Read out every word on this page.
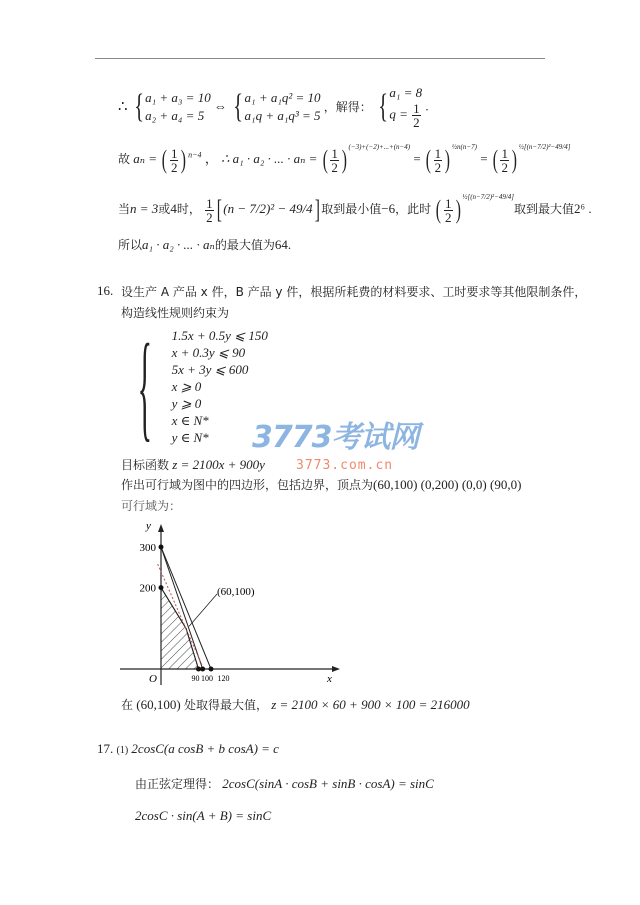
∴ { a₁ + a₃ = 10
a₂ + a₄ = 5
⇔ { a₁ + a₁q² = 10
a₁q + a₁q³ = 5
，解得： { a₁ = 8
$q = \frac{1}{2}$ .
故 aₙ = ( $\frac{1}{2}$ ) $^{n-4}$ ， ∴ a₁ · a₂ · ... · aₙ = ( $\frac{1}{2}$ ) $^{(-3)+(-2)+...+(n-4)}$ = ( $\frac{1}{2}$ ) $^{\frac{1}{2}n(n-7)}$ = ( $\frac{1}{2}$ ) $^{\frac{1}{2}[(n-7/2)^2-49/4]}$
当n = 3或4时， $\frac{1}{2}$ [ (n − 7/2)² − 49/4] 取到最小值−6，此时 ( $\frac{1}{2}$ ) $^{\frac{1}{2}[(n-7/2)^2-49/4]}$取到最大值2⁶ .
所以a₁ · a₂ · ... · aₙ的最大值为64.
16. 设生产 A 产品 x 件，B 产品 y 件，根据所耗费的材料要求、工时要求等其他限制条件，
构造线性规则约束为
{ 1.5x + 0.5y ⩽ 150
x + 0.3y ⩽ 90
5x + 3y ⩽ 600
x ⩾ 0
y ⩾ 0
x ∈ N*
y ∈ N*	3773考试网
3773.com.cn
目标函数 z = 2100x + 900y
作出可行域为图中的四边形，包括边界，顶点为(60,100) (0,200) (0,0) (90,0)
可行域为：
300
200
90 100 120
O	x
y
(60,100)
在 (60,100) 处取得最大值， z = 2100 × 60 + 900 × 100 = 216000
17. (1) 2cosC(a cosB + b cosA) = c
由正弦定理得： 2cosC(sinA · cosB + sinB · cosA) = sinC
2cosC · sin(A + B) = sinC
